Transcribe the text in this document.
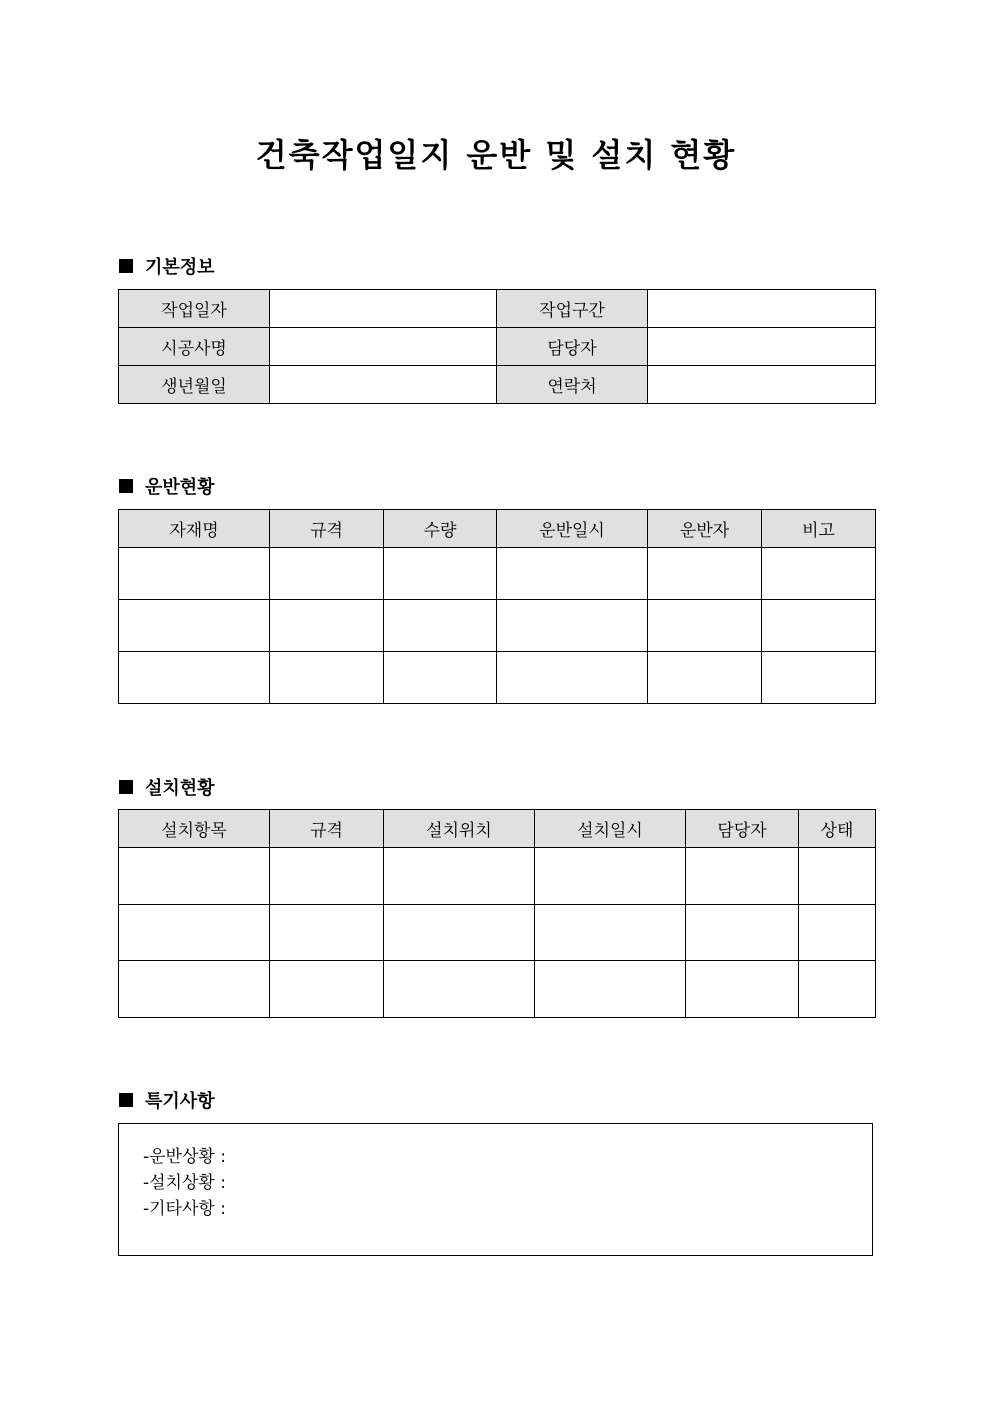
건축작업일지 운반 및 설치 현황
기본정보
작업일자		작업구간	
시공사명		담당자	
생년월일		연락처	
운반현황
자재명	규격	수량	운반일시	운반자	비고

설치현황
설치항목	규격	설치위치	설치일시	담당자	상태

특기사항
-운반상황 :
-설치상황 :
-기타사항 :
